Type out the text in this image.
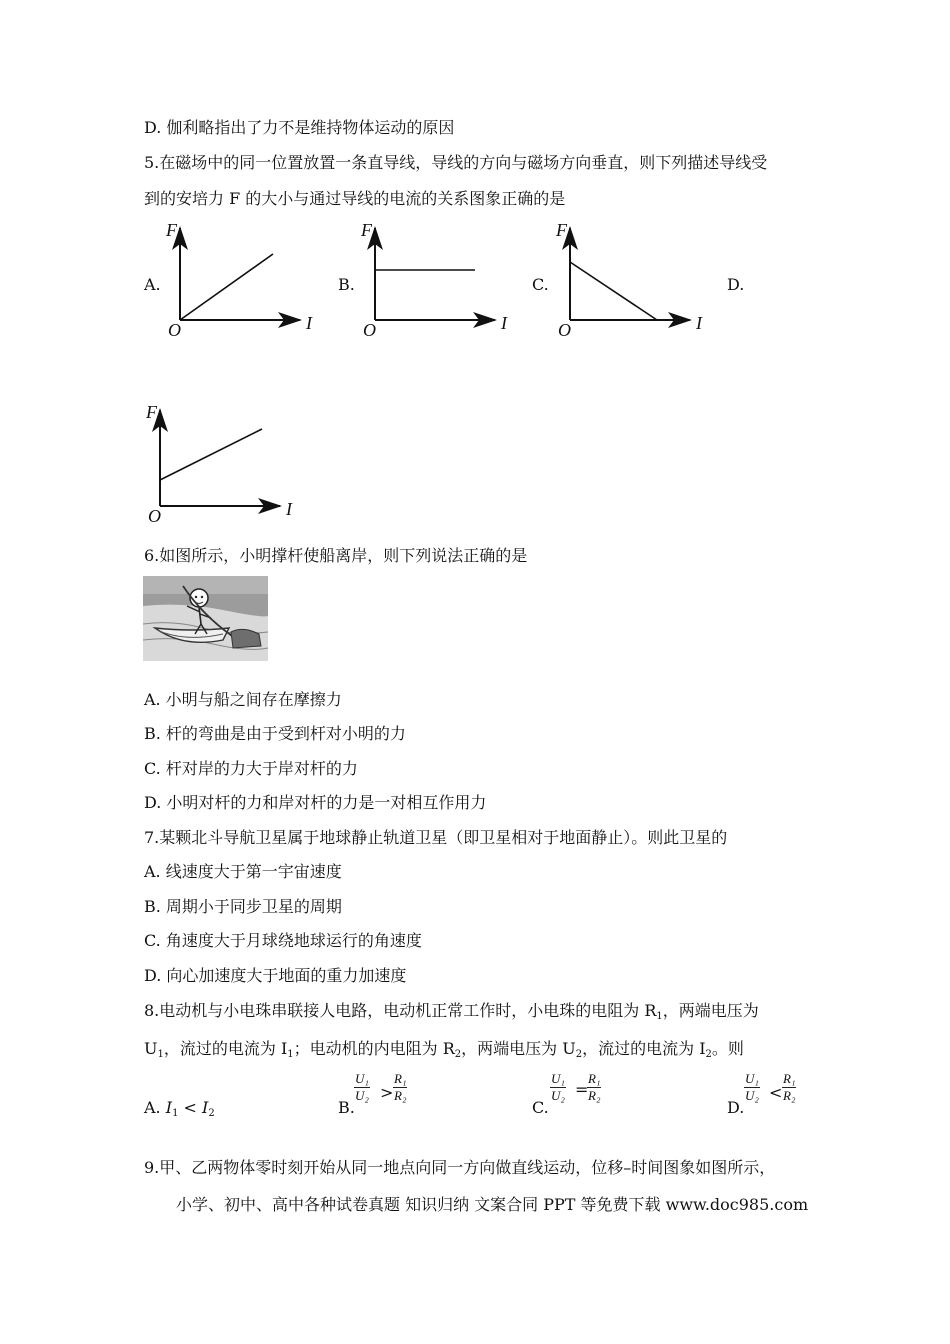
D. 伽利略指出了力不是维持物体运动的原因
5.在磁场中的同一位置放置一条直导线，导线的方向与磁场方向垂直，则下列描述导线受
到的安培力 F 的大小与通过导线的电流的关系图象正确的是
A.	B.	C.	D.
F
I
O
F
I
O
F
I
O
F
I
O
6.如图所示，小明撑杆使船离岸，则下列说法正确的是
A. 小明与船之间存在摩擦力
B. 杆的弯曲是由于受到杆对小明的力
C. 杆对岸的力大于岸对杆的力
D. 小明对杆的力和岸对杆的力是一对相互作用力
7.某颗北斗导航卫星属于地球静止轨道卫星（即卫星相对于地面静止）。则此卫星的
A. 线速度大于第一宇宙速度
B. 周期小于同步卫星的周期
C. 角速度大于月球绕地球运行的角速度
D. 向心加速度大于地面的重力加速度
8.电动机与小电珠串联接人电路，电动机正常工作时，小电珠的电阻为 $R_1$，两端电压为
$U_1$，流过的电流为 $I_1$；电动机的内电阻为 $R_2$，两端电压为 $U_2$，流过的电流为 $I_2$。则
A. $I_1 < I_2$	B.
$\frac{\text{U₁}}{\text{U₂}} > \frac{\text{R₁}}{\text{R₂}}$
C.
$\frac{\text{U₁}}{\text{U₂}}$ =
$\frac{\text{R₁}}{\text{R₂}}$
D.
$\frac{\text{U₁}}{\text{U₂}} < \frac{\text{R₁}}{\text{R₂}}$
9.甲、乙两物体零时刻开始从同一地点向同一方向做直线运动，位移–时间图象如图所示，
小学、初中、高中各种试卷真题 知识归纳 文案合同 PPT 等免费下载 www.doc985.com
